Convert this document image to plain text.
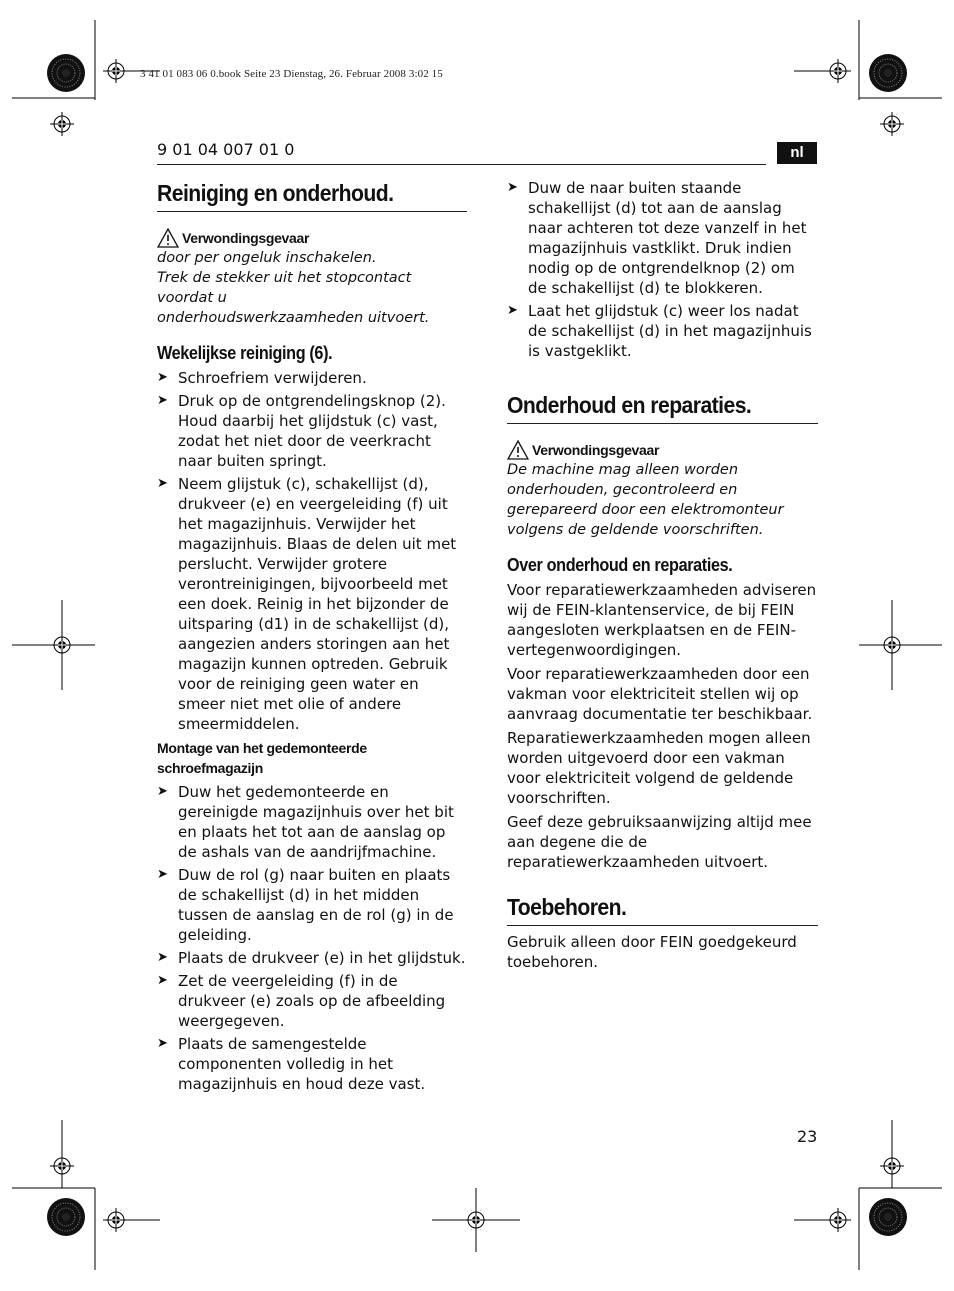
3 41 01 083 06 0.book Seite 23 Dienstag, 26. Februar 2008 3:02 15
9 01 04 007 01 0	nl
23
Reiniging en onderhoud.
Verwondingsgevaar
door per ongeluk inschakelen.
Trek de stekker uit het stopcontact voordat u
onderhoudswerkzaamheden uitvoert.
Wekelijkse reiniging (6).
➤ Schroefriem verwijderen.
➤ Druk op de ontgrendelingsknop (2). Houd daarbij het glijdstuk (c) vast, zodat het niet door de veerkracht naar buiten springt.
➤ Neem glijstuk (c), schakellijst (d), drukveer (e) en veergeleiding (f) uit het magazijnhuis. Verwijder het magazijnhuis. Blaas de delen uit met perslucht. Verwijder grotere verontreinigingen, bijvoorbeeld met een doek. Reinig in het bijzonder de uitsparing (d1) in de schakellijst (d), aangezien anders storingen aan het magazijn kunnen optreden. Gebruik voor de reiniging geen water en smeer niet met olie of andere smeermiddelen.
Montage van het gedemonteerde schroefmagazijn
➤ Duw het gedemonteerde en gereinigde magazijnhuis over het bit en plaats het tot aan de aanslag op de ashals van de aandrijfmachine.
➤ Duw de rol (g) naar buiten en plaats de schakellijst (d) in het midden tussen de aanslag en de rol (g) in de geleiding.
➤ Plaats de drukveer (e) in het glijdstuk.
➤ Zet de veergeleiding (f) in de drukveer (e) zoals op de afbeelding weergegeven.
➤ Plaats de samengestelde componenten volledig in het magazijnhuis en houd deze vast.
➤ Duw de naar buiten staande schakellijst (d) tot aan de aanslag naar achteren tot deze vanzelf in het magazijnhuis vastklikt. Druk indien nodig op de ontgrendelknop (2) om de schakellijst (d) te blokkeren.
➤ Laat het glijdstuk (c) weer los nadat de schakellijst (d) in het magazijnhuis is vastgeklikt.
Onderhoud en reparaties.
Verwondingsgevaar
De machine mag alleen worden onderhouden, gecontroleerd en gerepareerd door een elektromonteur volgens de geldende voorschriften.
Over onderhoud en reparaties.

Voor reparatiewerkzaamheden adviseren wij de FEIN-klantenservice, de bij FEIN aangesloten werkplaatsen en de FEIN-vertegenwoordigingen.

Voor reparatiewerkzaamheden door een vakman voor elektriciteit stellen wij op aanvraag documentatie ter beschikbaar.

Reparatiewerkzaamheden mogen alleen worden uitgevoerd door een vakman voor elektriciteit volgend de geldende voorschriften.

Geef deze gebruiksaanwijzing altijd mee aan degene die de reparatiewerkzaamheden uitvoert.

Toebehoren.

Gebruik alleen door FEIN goedgekeurd toebehoren.
